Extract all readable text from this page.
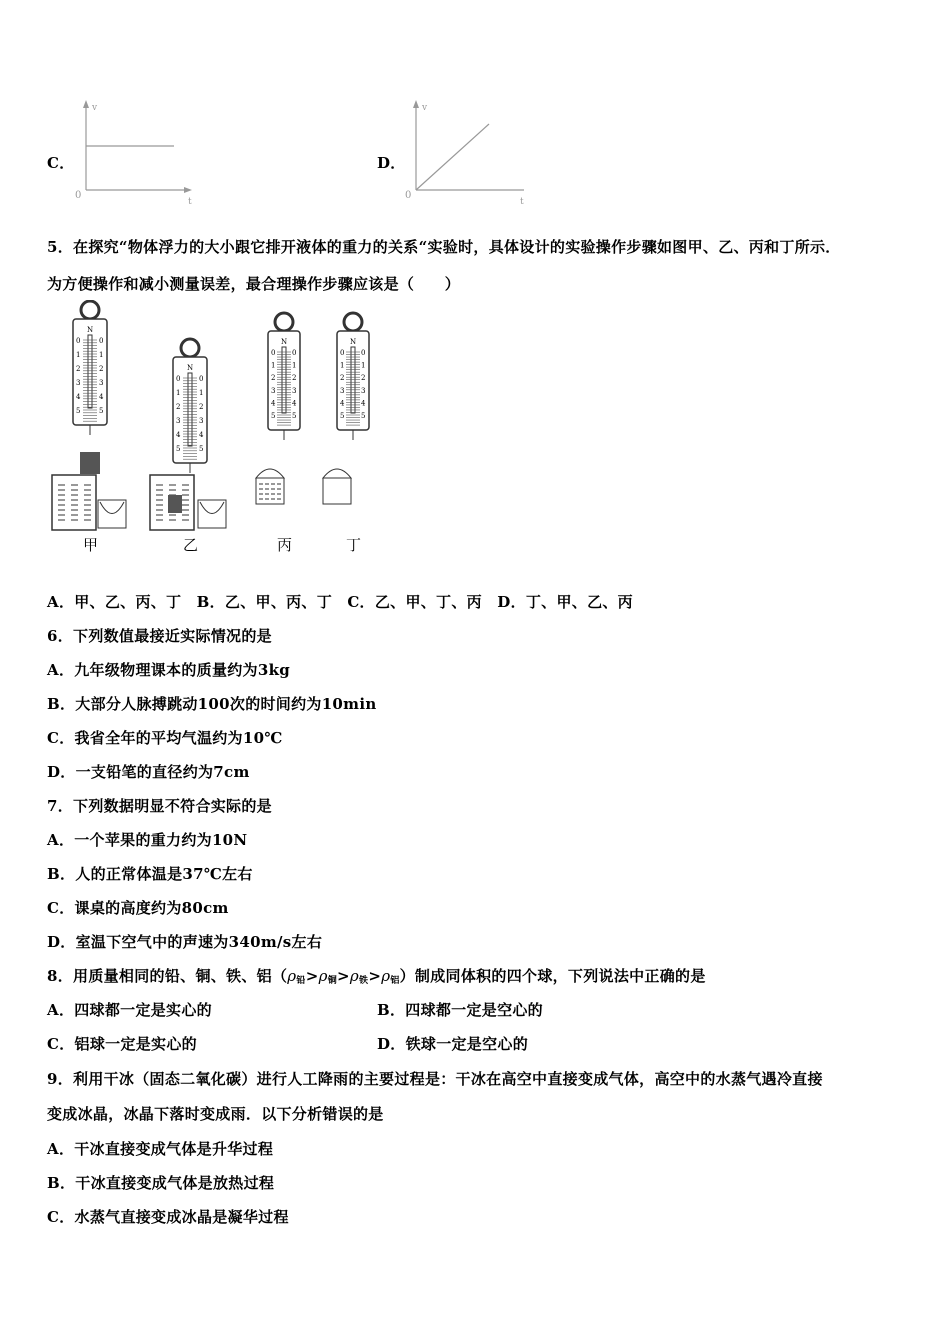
C．
v
0
t
D．
v
0
t
5．在探究“物体浮力的大小跟它排开液体的重力的关系“实验时，具体设计的实验操作步骤如图甲、乙、丙和丁所示．
为方便操作和减小测量误差，最合理操作步骤应该是（　　）
N
0	0
1	1
2	2
3	3
4	4
5	5
甲
N
0	0
1	1
2	2
3	3
4	4
5	5
乙
N
0 0
1 1
2 2
3 3
4 4
5 5
丙
N
0 0
1 1
2 2
3 3
4 4
5 5
丁
A．甲、乙、丙、丁　B．乙、甲、丙、丁　C．乙、甲、丁、丙　D．丁、甲、乙、丙
6．下列数值最接近实际情况的是
A．九年级物理课本的质量约为3kg
B．大部分人脉搏跳动100次的时间约为10min
C．我省全年的平均气温约为10℃
D．一支铅笔的直径约为7cm
7．下列数据明显不符合实际的是
A．一个苹果的重力约为10N
B．人的正常体温是37℃左右
C．课桌的高度约为80cm
D．室温下空气中的声速为340m/s左右
8．用质量相同的铅、铜、铁、铝$(\rho_铅>\rho_铜>\rho_铁>\rho_铝)$制成同体积的四个球，下列说法中正确的是
A．四球都一定是实心的	B．四球都一定是空心的
C．铝球一定是实心的	D．铁球一定是空心的
9．利用干冰（固态二氧化碳）进行人工降雨的主要过程是：干冰在高空中直接变成气体，高空中的水蒸气遇冷直接
变成冰晶，冰晶下落时变成雨．以下分析错误的是
A．干冰直接变成气体是升华过程
B．干冰直接变成气体是放热过程
C．水蒸气直接变成冰晶是凝华过程
